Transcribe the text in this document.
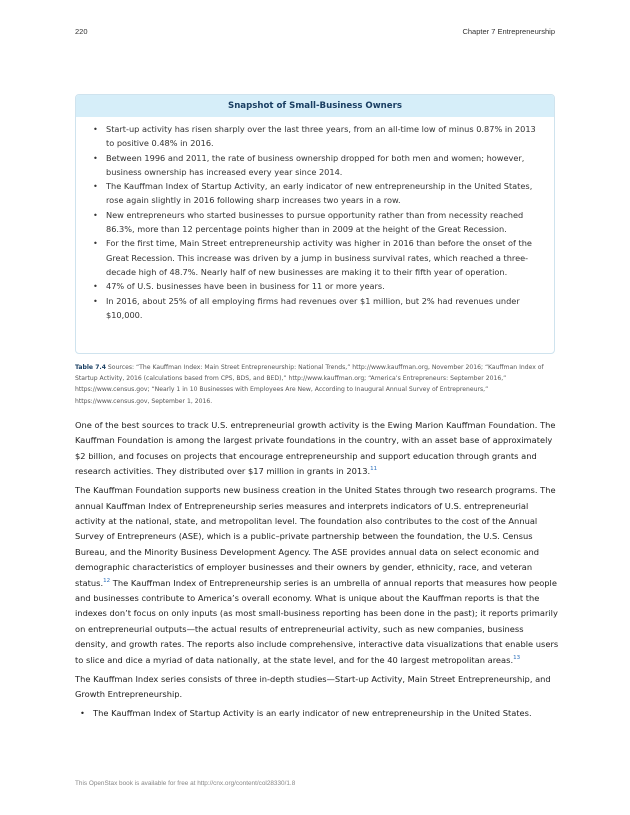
220	Chapter 7 Entrepreneurship
Snapshot of Small-Business Owners
• Start-up activity has risen sharply over the last three years, from an all-time low of minus 0.87% in 2013 to positive 0.48% in 2016.
• Between 1996 and 2011, the rate of business ownership dropped for both men and women; however, business ownership has increased every year since 2014.
• The Kauffman Index of Startup Activity, an early indicator of new entrepreneurship in the United States, rose again slightly in 2016 following sharp increases two years in a row.
• New entrepreneurs who started businesses to pursue opportunity rather than from necessity reached 86.3%, more than 12 percentage points higher than in 2009 at the height of the Great Recession.
• For the first time, Main Street entrepreneurship activity was higher in 2016 than before the onset of the Great Recession. This increase was driven by a jump in business survival rates, which reached a three-decade high of 48.7%. Nearly half of new businesses are making it to their fifth year of operation.
• 47% of U.S. businesses have been in business for 11 or more years.
• In 2016, about 25% of all employing firms had revenues over $1 million, but 2% had revenues under $10,000.
Table 7.4 Sources: “The Kauffman Index: Main Street Entrepreneurship: National Trends,” http://www.kauffman.org, November 2016; “Kauffman Index of Startup Activity, 2016 (calculations based from CPS, BDS, and BED),” http://www.kauffman.org; “America’s Entrepreneurs: September 2016,” https://www.census.gov; “Nearly 1 in 10 Businesses with Employees Are New, According to Inaugural Annual Survey of Entrepreneurs,” https://www.census.gov, September 1, 2016.

One of the best sources to track U.S. entrepreneurial growth activity is the Ewing Marion Kauffman Foundation. The Kauffman Foundation is among the largest private foundations in the country, with an asset base of approximately $2 billion, and focuses on projects that encourage entrepreneurship and support education through grants and research activities. They distributed over $17 million in grants in 2013.11

The Kauffman Foundation supports new business creation in the United States through two research programs. The annual Kauffman Index of Entrepreneurship series measures and interprets indicators of U.S. entrepreneurial activity at the national, state, and metropolitan level. The foundation also contributes to the cost of the Annual Survey of Entrepreneurs (ASE), which is a public–private partnership between the foundation, the U.S. Census Bureau, and the Minority Business Development Agency. The ASE provides annual data on select economic and demographic characteristics of employer businesses and their owners by gender, ethnicity, race, and veteran status.$^{12}$ The Kauffman Index of Entrepreneurship series is an umbrella of annual reports that measures how people and businesses contribute to America’s overall economy. What is unique about the Kauffman reports is that the indexes don’t focus on only inputs (as most small-business reporting has been done in the past); it reports primarily on entrepreneurial outputs—the actual results of entrepreneurial activity, such as new companies, business density, and growth rates. The reports also include comprehensive, interactive data visualizations that enable users to slice and dice a myriad of data nationally, at the state level, and for the 40 largest metropolitan areas.$^{13}$

The Kauffman Index series consists of three in-depth studies—Start-up Activity, Main Street Entrepreneurship, and Growth Entrepreneurship.

• The Kauffman Index of Startup Activity is an early indicator of new entrepreneurship in the United States.
This OpenStax book is available for free at http://cnx.org/content/col28330/1.8
